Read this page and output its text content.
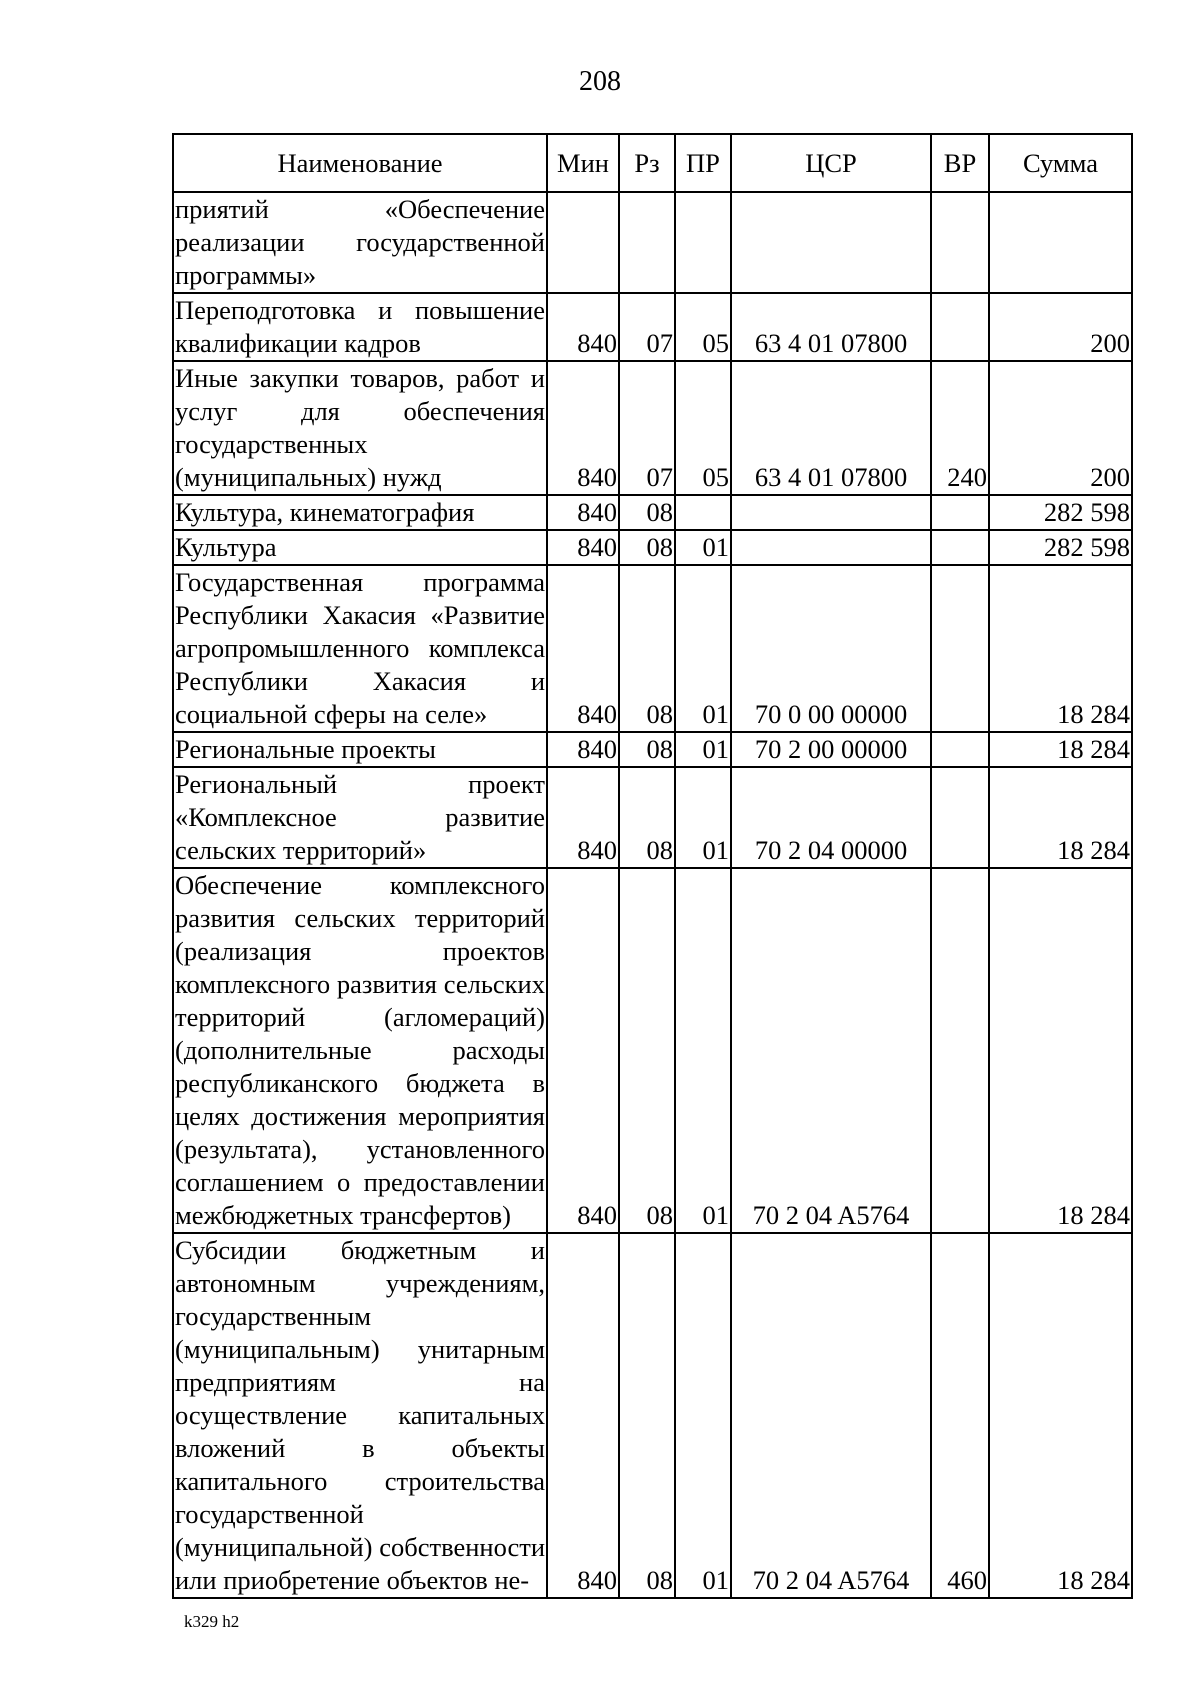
208
Наименование	Мин	Рз	ПР	ЦСР	ВР	Сумма
приятий «Обеспечение реализации государственной программы»						
Переподготовка и повышение квалификации кадров	840	07	05	63 4 01 07800		200
Иные закупки товаров, работ и услуг для обеспечения государственных (муниципальных) нужд	840	07	05	63 4 01 07800	240	200
Культура, кинематография	840	08				282 598
Культура	840	08	01			282 598
Государственная программа Республики Хакасия «Развитие агропромышленного комплекса Республики Хакасия и социальной сферы на селе»	840	08	01	70 0 00 00000		18 284
Региональные проекты	840	08	01	70 2 00 00000		18 284
Региональный проект «Комплексное развитие сельских территорий»	840	08	01	70 2 04 00000		18 284
Обеспечение комплексного развития сельских территорий (реализация проектов комплексного развития сельских территорий (агломераций) (дополнительные расходы республиканского бюджета в целях достижения мероприятия (результата), установленного соглашением о предоставлении межбюджетных трансфертов)	840	08	01	70 2 04 A5764		18 284
Субсидии бюджетным и автономным учреждениям, государственным (муниципальным) унитарным предприятиям на осуществление капитальных вложений в объекты капитального строительства государственной (муниципальной) собственности или приобретение объектов не-	840	08	01	70 2 04 A5764	460	18 284
k329 h2
